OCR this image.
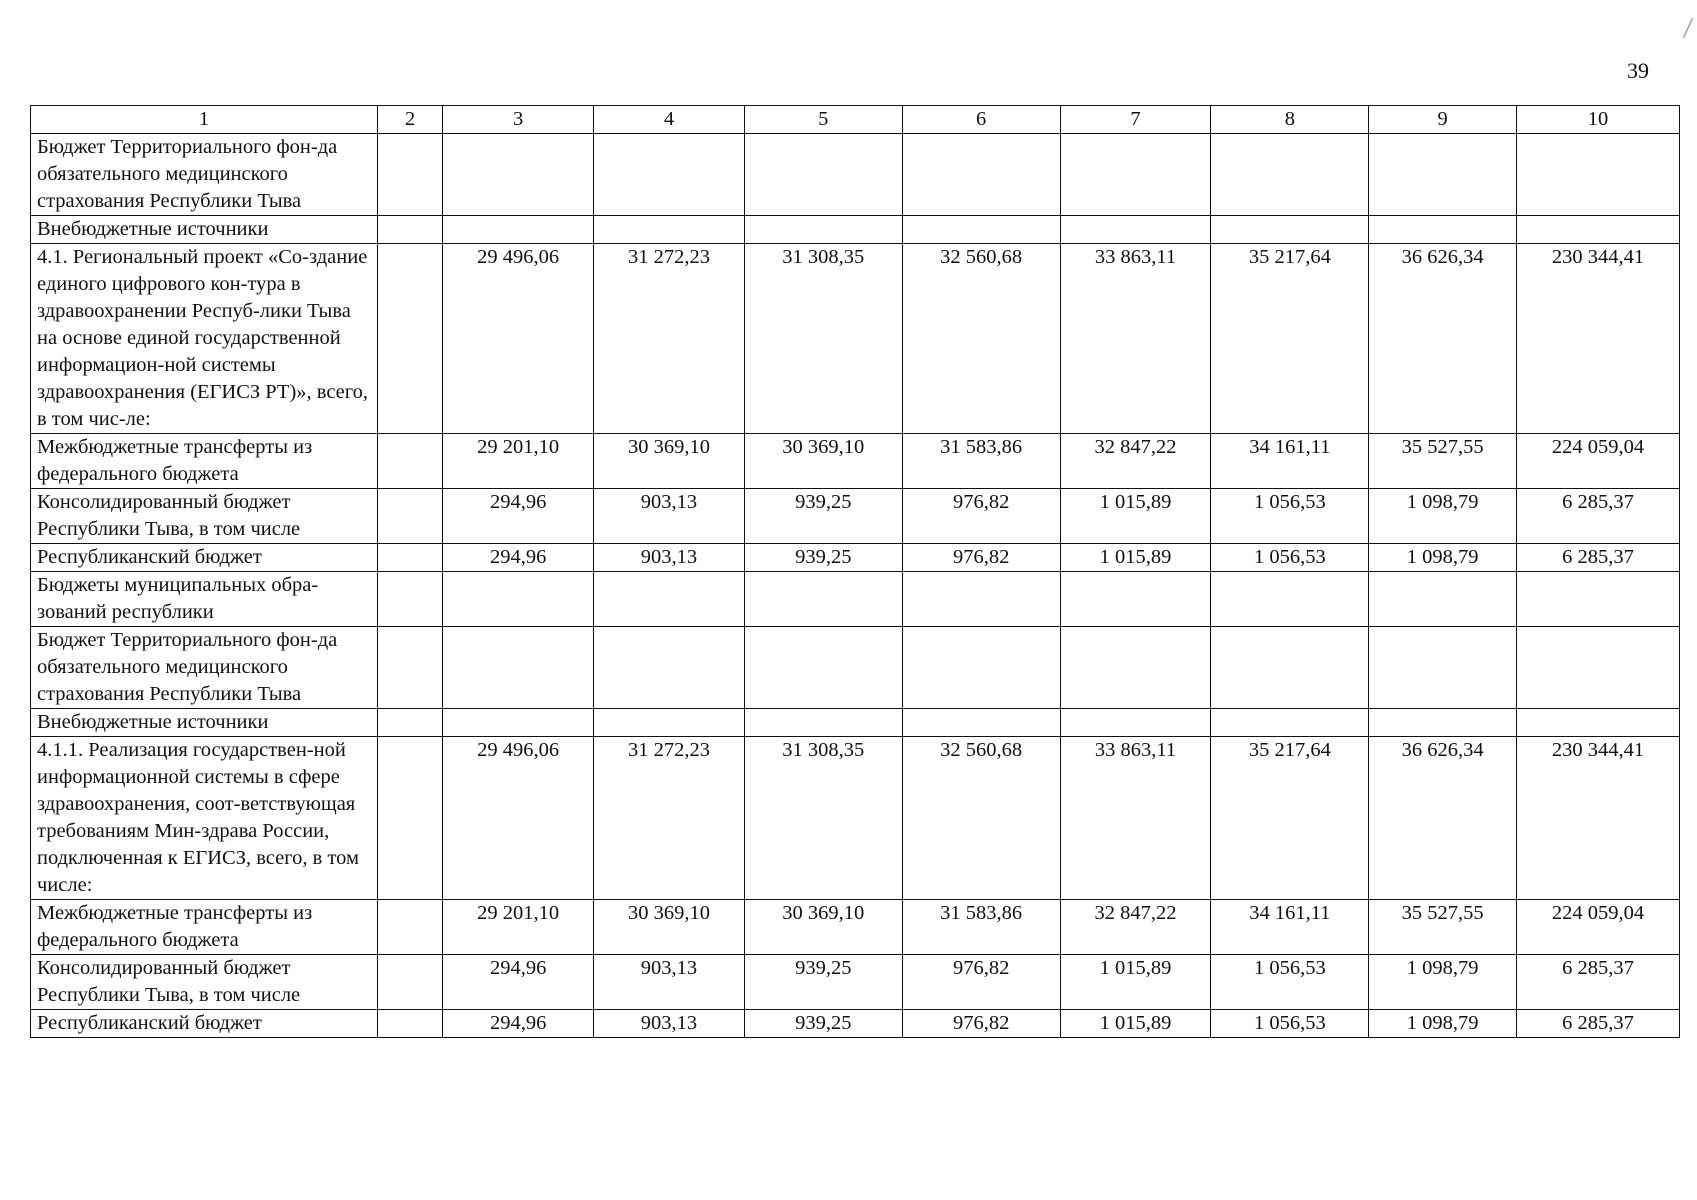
39
1	2	3	4	5	6	7	8	9	10
Бюджет Территориального фон-да обязательного медицинского страхования Республики Тыва									
Внебюджетные источники									
4.1. Региональный проект «Со-здание единого цифрового кон-тура в здравоохранении Респуб-лики Тыва на основе единой государственной информацион-ной системы здравоохранения (ЕГИСЗ РТ)», всего, в том чис-ле:		29 496,06	31 272,23	31 308,35	32 560,68	33 863,11	35 217,64	36 626,34	230 344,41
Межбюджетные трансферты из федерального бюджета		29 201,10	30 369,10	30 369,10	31 583,86	32 847,22	34 161,11	35 527,55	224 059,04
Консолидированный бюджет Республики Тыва, в том числе		294,96	903,13	939,25	976,82	1 015,89	1 056,53	1 098,79	6 285,37
Республиканский бюджет		294,96	903,13	939,25	976,82	1 015,89	1 056,53	1 098,79	6 285,37
Бюджеты муниципальных обра-зований республики									
Бюджет Территориального фон-да обязательного медицинского страхования Республики Тыва									
Внебюджетные источники									
4.1.1. Реализация государствен-ной информационной системы в сфере здравоохранения, соот-ветствующая требованиям Мин-здрава России, подключенная к ЕГИСЗ, всего, в том числе:		29 496,06	31 272,23	31 308,35	32 560,68	33 863,11	35 217,64	36 626,34	230 344,41
Межбюджетные трансферты из федерального бюджета		29 201,10	30 369,10	30 369,10	31 583,86	32 847,22	34 161,11	35 527,55	224 059,04
Консолидированный бюджет Республики Тыва, в том числе		294,96	903,13	939,25	976,82	1 015,89	1 056,53	1 098,79	6 285,37
Республиканский бюджет		294,96	903,13	939,25	976,82	1 015,89	1 056,53	1 098,79	6 285,37
